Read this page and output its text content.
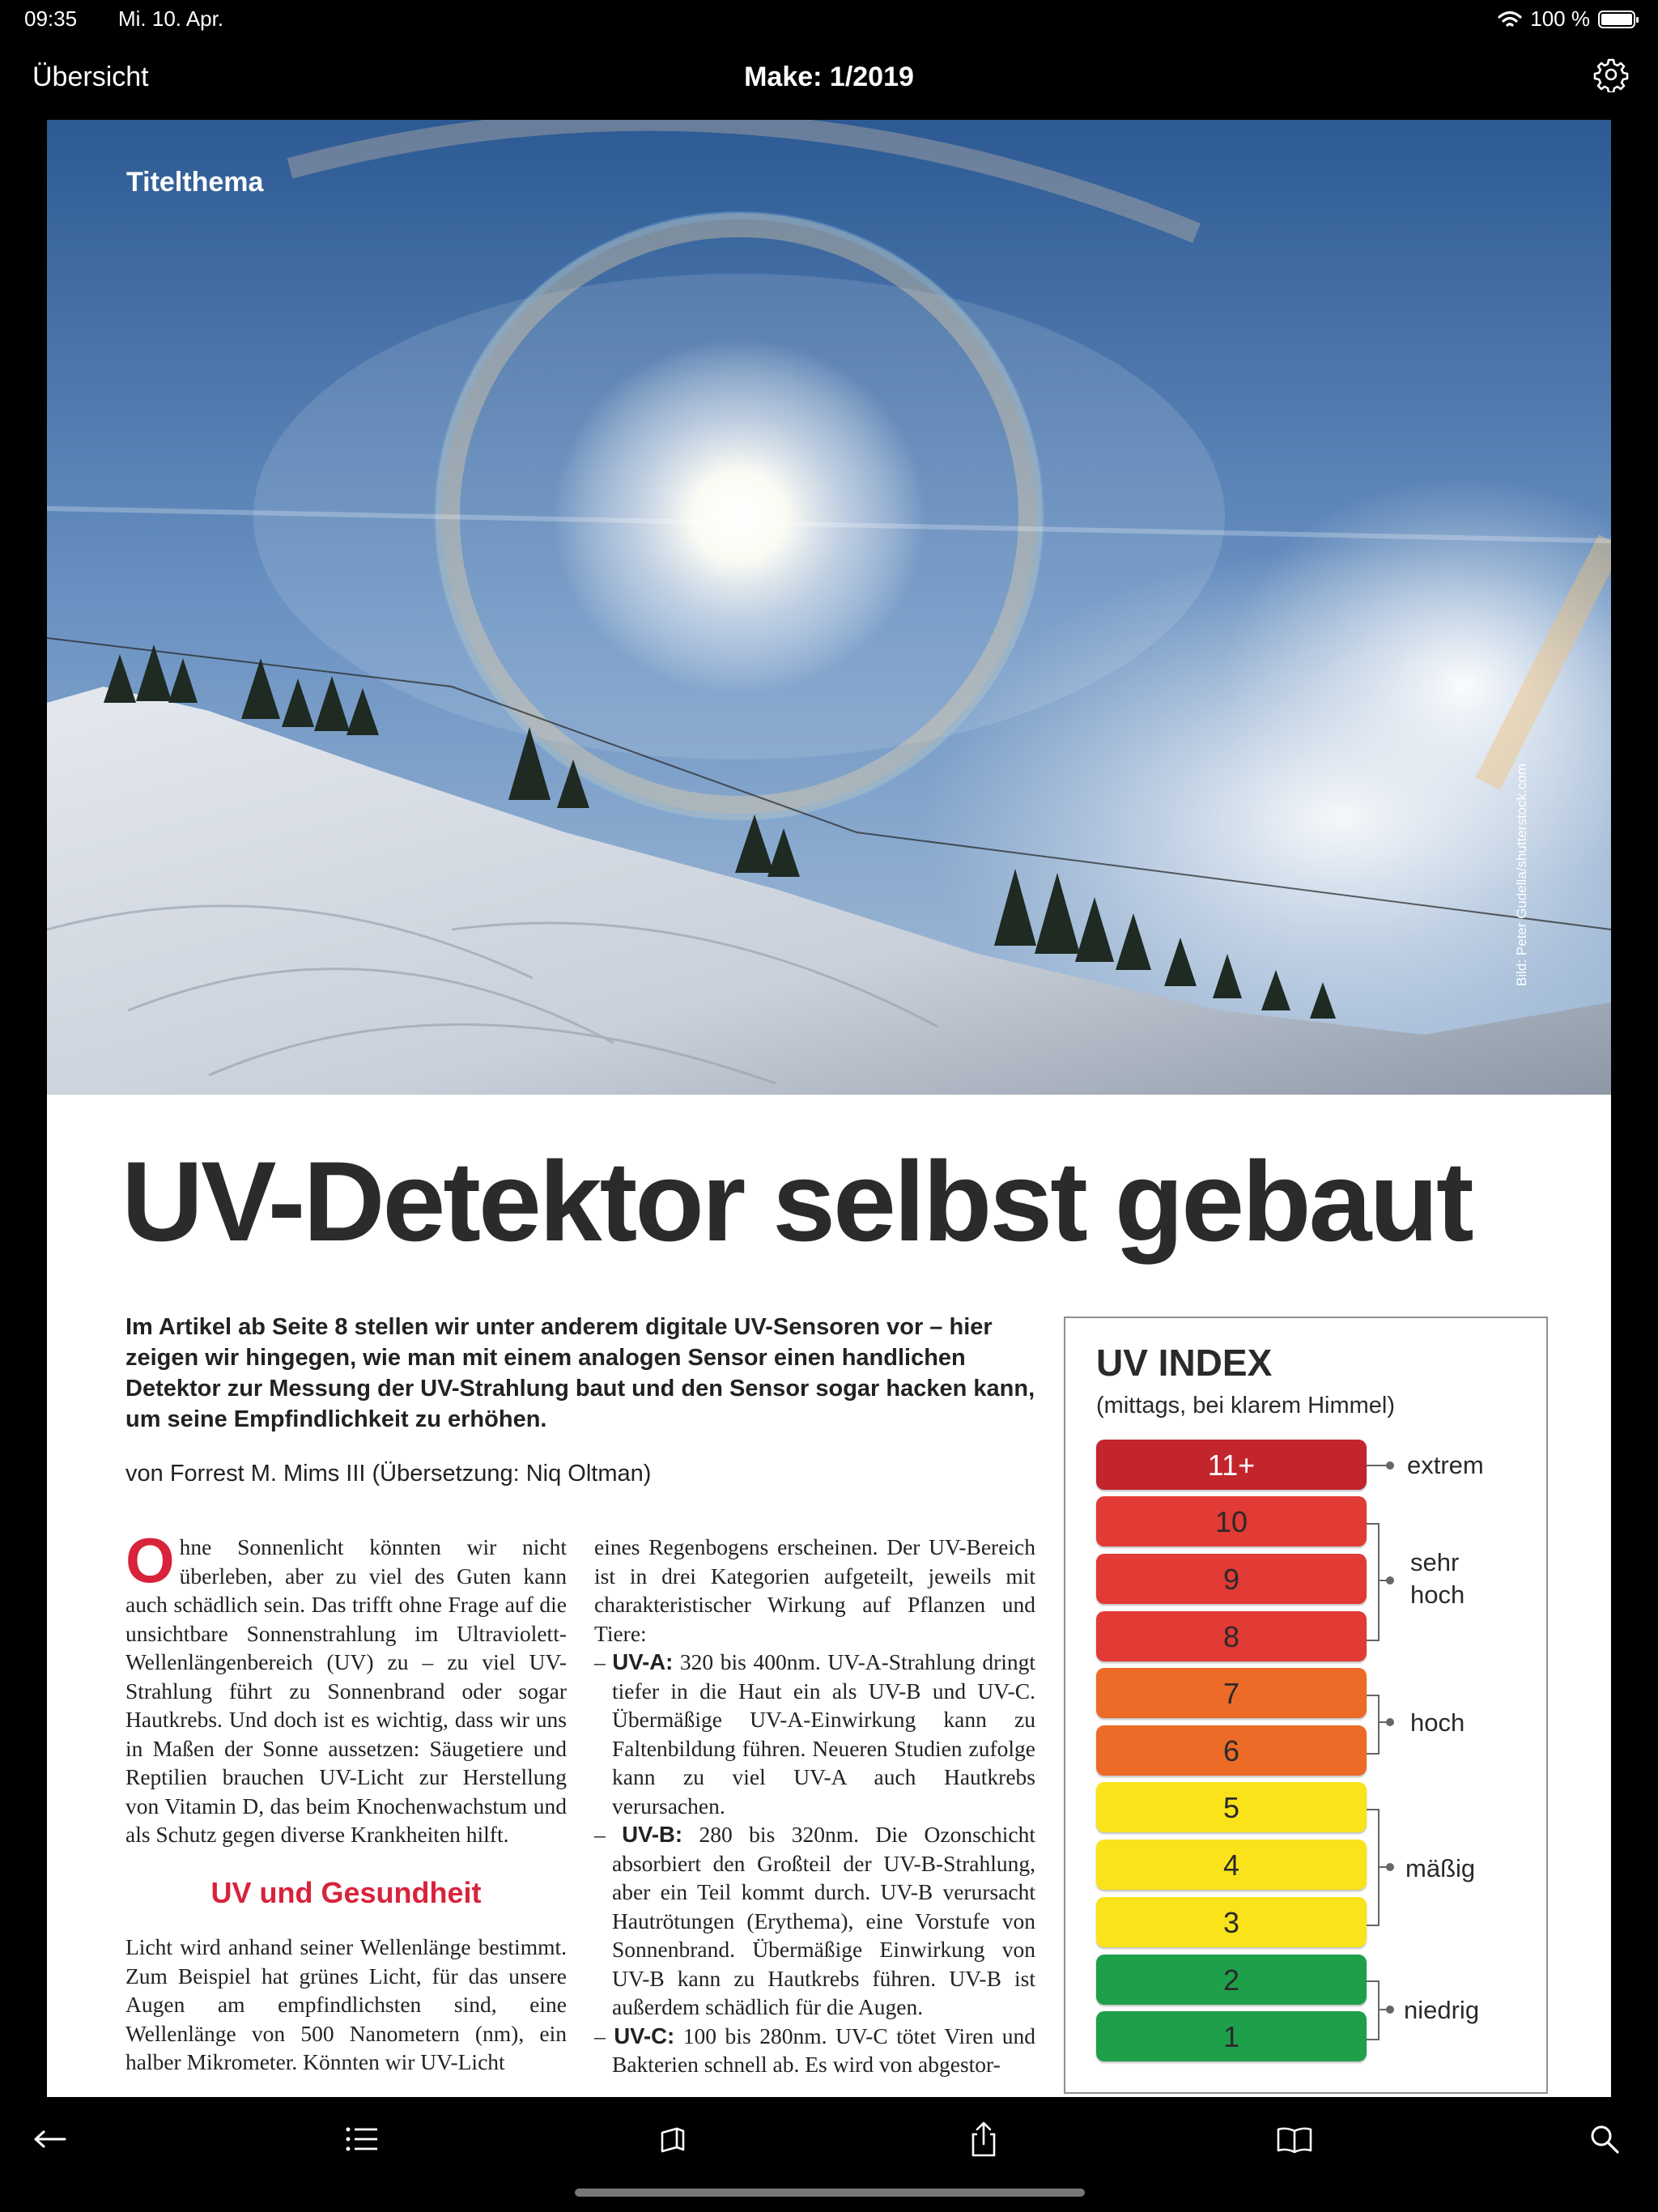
09:35 Mi. 10. Apr.	100 %
Übersicht	Make: 1/2019
Titelthema
Bild: Peter Gudella/shutterstock.com
UV-Detektor selbst gebaut
Im Artikel ab Seite 8 stellen wir unter anderem digitale UV-Sensoren vor – hier zeigen wir hingegen, wie man mit einem analogen Sensor einen handlichen Detektor zur Messung der UV-Strahlung baut und den Sensor sogar hacken kann, um seine Empfindlichkeit zu erhöhen.
von Forrest M. Mims III (Übersetzung: Niq Oltman)

Ohne Sonnenlicht könnten wir nicht überleben, aber zu viel des Guten kann auch schädlich sein. Das trifft ohne Frage auf die unsichtbare Sonnenstrahlung im Ultraviolett-Wellenlängenbereich (UV) zu – zu viel UV-Strahlung führt zu Sonnenbrand oder sogar Hautkrebs. Und doch ist es wichtig, dass wir uns in Maßen der Sonne aussetzen: Säugetiere und Reptilien brauchen UV-Licht zur Herstellung von Vitamin D, das beim Knochenwachstum und als Schutz gegen diverse Krankheiten hilft.

UV und Gesundheit

Licht wird anhand seiner Wellenlänge bestimmt. Zum Beispiel hat grünes Licht, für das unsere Augen am empfindlichsten sind, eine Wellenlänge von 500 Nanometern (nm), ein halber Mikrometer. Könnten wir UV-Licht

eines Regenbogens erscheinen. Der UV-Bereich ist in drei Kategorien aufgeteilt, jeweils mit charakteristischer Wirkung auf Pflanzen und Tiere:

– UV-A: 320 bis 400nm. UV-A-Strahlung dringt tiefer in die Haut ein als UV-B und UV-C. Übermäßige UV-A-Einwirkung kann zu Faltenbildung führen. Neueren Studien zufolge kann zu viel UV-A auch Hautkrebs verursachen.
– UV-B: 280 bis 320nm. Die Ozonschicht absorbiert den Großteil der UV-B-Strahlung, aber ein Teil kommt durch. UV-B verursacht Hautrötungen (Erythema), eine Vorstufe von Sonnenbrand. Übermäßige Einwirkung von UV-B kann zu Hautkrebs führen. UV-B ist außerdem schädlich für die Augen.
– UV-C: 100 bis 280nm. UV-C tötet Viren und Bakterien schnell ab. Es wird von abgestor-
UV INDEX
(mittags, bei klarem Himmel)
11+
10
9
8
7
6
5
4
3
2
1
extrem
sehr
hoch
hoch
mäßig
niedrig
